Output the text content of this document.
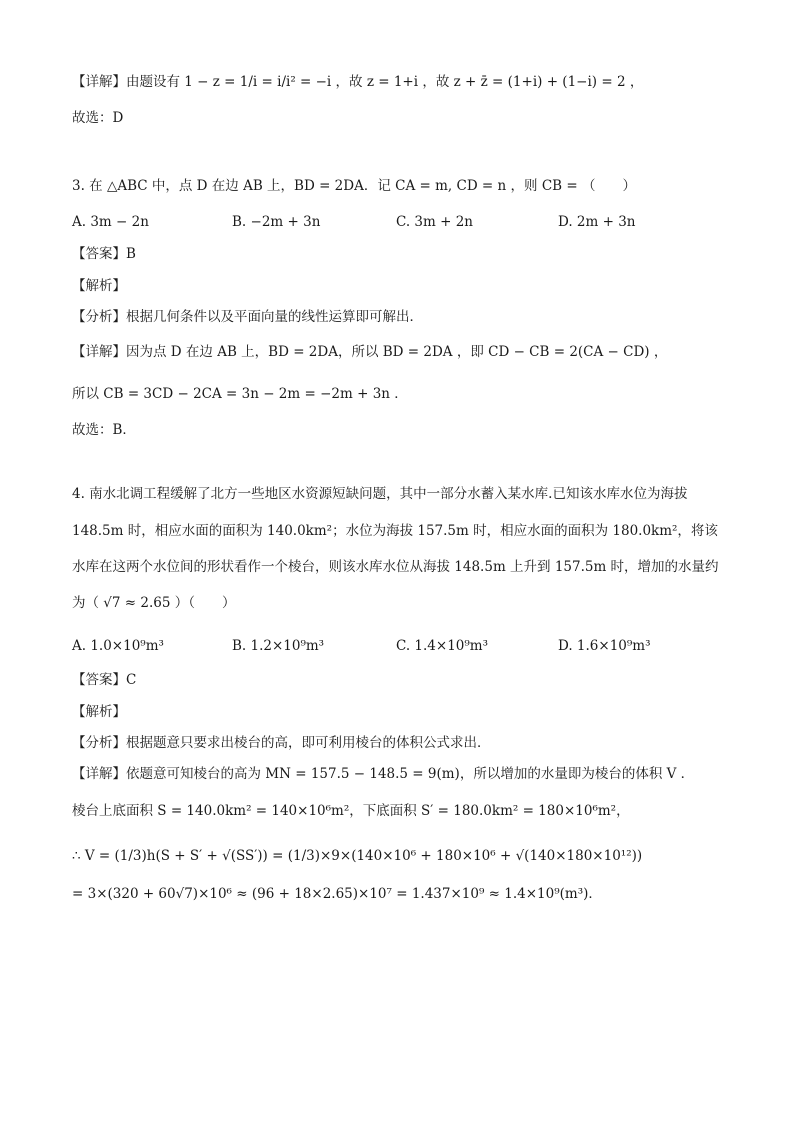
【详解】由题设有 1 − z = 1/i = i/i² = −i ，故 z = 1+i ，故 z + z̄ = (1+i) + (1−i) = 2 ，
故选：D
3. 在 △ABC 中，点 D 在边 AB 上，BD = 2DA．记 CA = m, CD = n ，则 CB = （　　）
A. 3m − 2n	B. −2m + 3n	C. 3m + 2n	D. 2m + 3n
【答案】B
【解析】
【分析】根据几何条件以及平面向量的线性运算即可解出．
【详解】因为点 D 在边 AB 上，BD = 2DA，所以 BD = 2DA ，即 CD − CB = 2(CA − CD) ，
所以 CB = 3CD − 2CA = 3n − 2m = −2m + 3n ．
故选：B．
4. 南水北调工程缓解了北方一些地区水资源短缺问题，其中一部分水蓄入某水库.已知该水库水位为海拔
148.5m 时，相应水面的面积为 140.0km²；水位为海拔 157.5m 时，相应水面的面积为 180.0km²，将该
水库在这两个水位间的形状看作一个棱台，则该水库水位从海拔 148.5m 上升到 157.5m 时，增加的水量约
为（ √7 ≈ 2.65 ）（　　）
A. 1.0×10⁹m³	B. 1.2×10⁹m³	C. 1.4×10⁹m³	D. 1.6×10⁹m³
【答案】C
【解析】
【分析】根据题意只要求出棱台的高，即可利用棱台的体积公式求出．
【详解】依题意可知棱台的高为 MN = 157.5 − 148.5 = 9(m)，所以增加的水量即为棱台的体积 V ．
棱台上底面积 S = 140.0km² = 140×10⁶m²，下底面积 S′ = 180.0km² = 180×10⁶m²，
∴ V = (1/3)h(S + S′ + √(SS′)) = (1/3)×9×(140×10⁶ + 180×10⁶ + √(140×180×10¹²))
= 3×(320 + 60√7)×10⁶ ≈ (96 + 18×2.65)×10⁷ = 1.437×10⁹ ≈ 1.4×10⁹(m³)．
